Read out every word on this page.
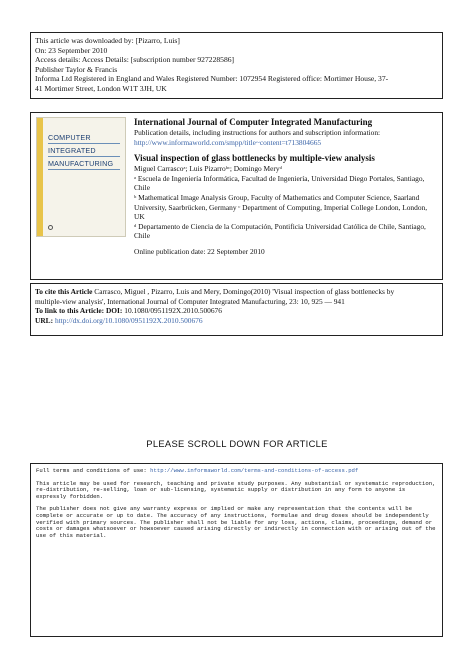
This article was downloaded by: [Pizarro, Luis]
On: 23 September 2010
Access details: Access Details: [subscription number 927228586]
Publisher Taylor & Francis
Informa Ltd Registered in England and Wales Registered Number: 1072954 Registered office: Mortimer House, 37-
41 Mortimer Street, London W1T 3JH, UK
COMPUTER
INTEGRATED
MANUFACTURING
International Journal of Computer Integrated Manufacturing
Publication details, including instructions for authors and subscription information:
http://www.informaworld.com/smpp/title~content=t713804665
Visual inspection of glass bottlenecks by multiple-view analysis
Miguel Carrascoᵃ; Luis Pizarroᵇᶜ; Domingo Meryᵈ
ᵃ Escuela de Ingeniería Informática, Facultad de Ingeniería, Universidad Diego Portales, Santiago, Chile
ᵇ Mathematical Image Analysis Group, Faculty of Mathematics and Computer Science, Saarland
University, Saarbrücken, Germany ᶜ Department of Computing, Imperial College London, London, UK
ᵈ Departamento de Ciencia de la Computación, Pontificia Universidad Católica de Chile, Santiago,
Chile
Online publication date: 22 September 2010
To cite this Article Carrasco, Miguel , Pizarro, Luis and Mery, Domingo(2010) 'Visual inspection of glass bottlenecks by
multiple-view analysis', International Journal of Computer Integrated Manufacturing, 23: 10, 925 — 941
To link to this Article: DOI: 10.1080/0951192X.2010.500676
URL: http://dx.doi.org/10.1080/0951192X.2010.500676
PLEASE SCROLL DOWN FOR ARTICLE

Full terms and conditions of use: http://www.informaworld.com/terms-and-conditions-of-access.pdf

This article may be used for research, teaching and private study purposes. Any substantial or systematic reproduction, re-distribution, re-selling, loan or sub-licensing, systematic supply or distribution in any form to anyone is expressly forbidden.

The publisher does not give any warranty express or implied or make any representation that the contents will be complete or accurate or up to date. The accuracy of any instructions, formulae and drug doses should be independently verified with primary sources. The publisher shall not be liable for any loss, actions, claims, proceedings, demand or costs or damages whatsoever or howsoever caused arising directly or indirectly in connection with or arising out of the use of this material.
